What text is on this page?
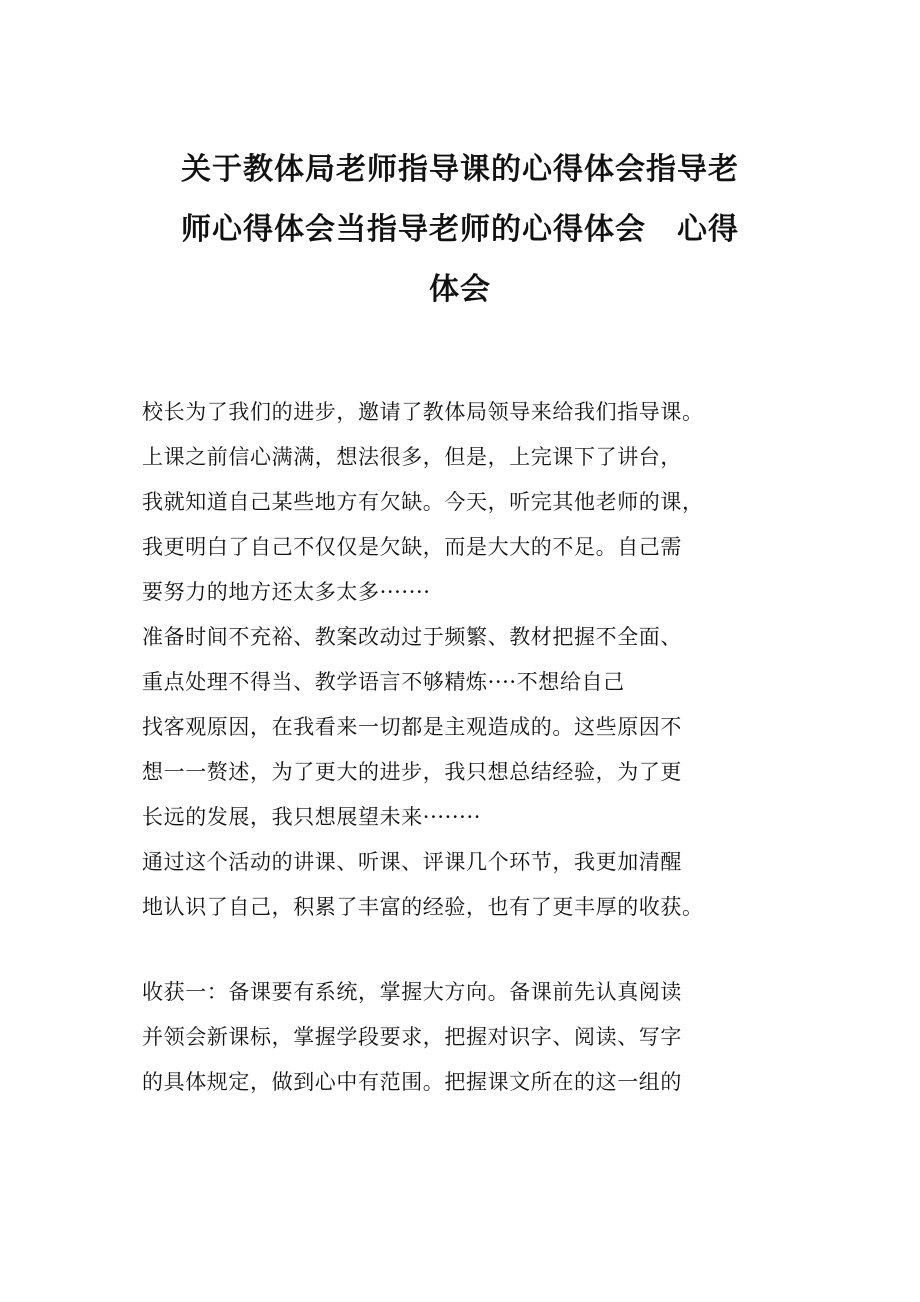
关于教体局老师指导课的心得体会指导老
师心得体会当指导老师的心得体会　心得
体会
校长为了我们的进步，邀请了教体局领导来给我们指导课。
上课之前信心满满，想法很多，但是，上完课下了讲台，
我就知道自己某些地方有欠缺。今天，听完其他老师的课，
我更明白了自己不仅仅是欠缺，而是大大的不足。自己需
要努力的地方还太多太多·······
准备时间不充裕、教案改动过于频繁、教材把握不全面、
重点处理不得当、教学语言不够精炼····不想给自己
找客观原因，在我看来一切都是主观造成的。这些原因不
想一一赘述，为了更大的进步，我只想总结经验，为了更
长远的发展，我只想展望未来········
通过这个活动的讲课、听课、评课几个环节，我更加清醒
地认识了自己，积累了丰富的经验，也有了更丰厚的收获。
收获一：备课要有系统，掌握大方向。备课前先认真阅读
并领会新课标，掌握学段要求，把握对识字、阅读、写字
的具体规定，做到心中有范围。把握课文所在的这一组的
